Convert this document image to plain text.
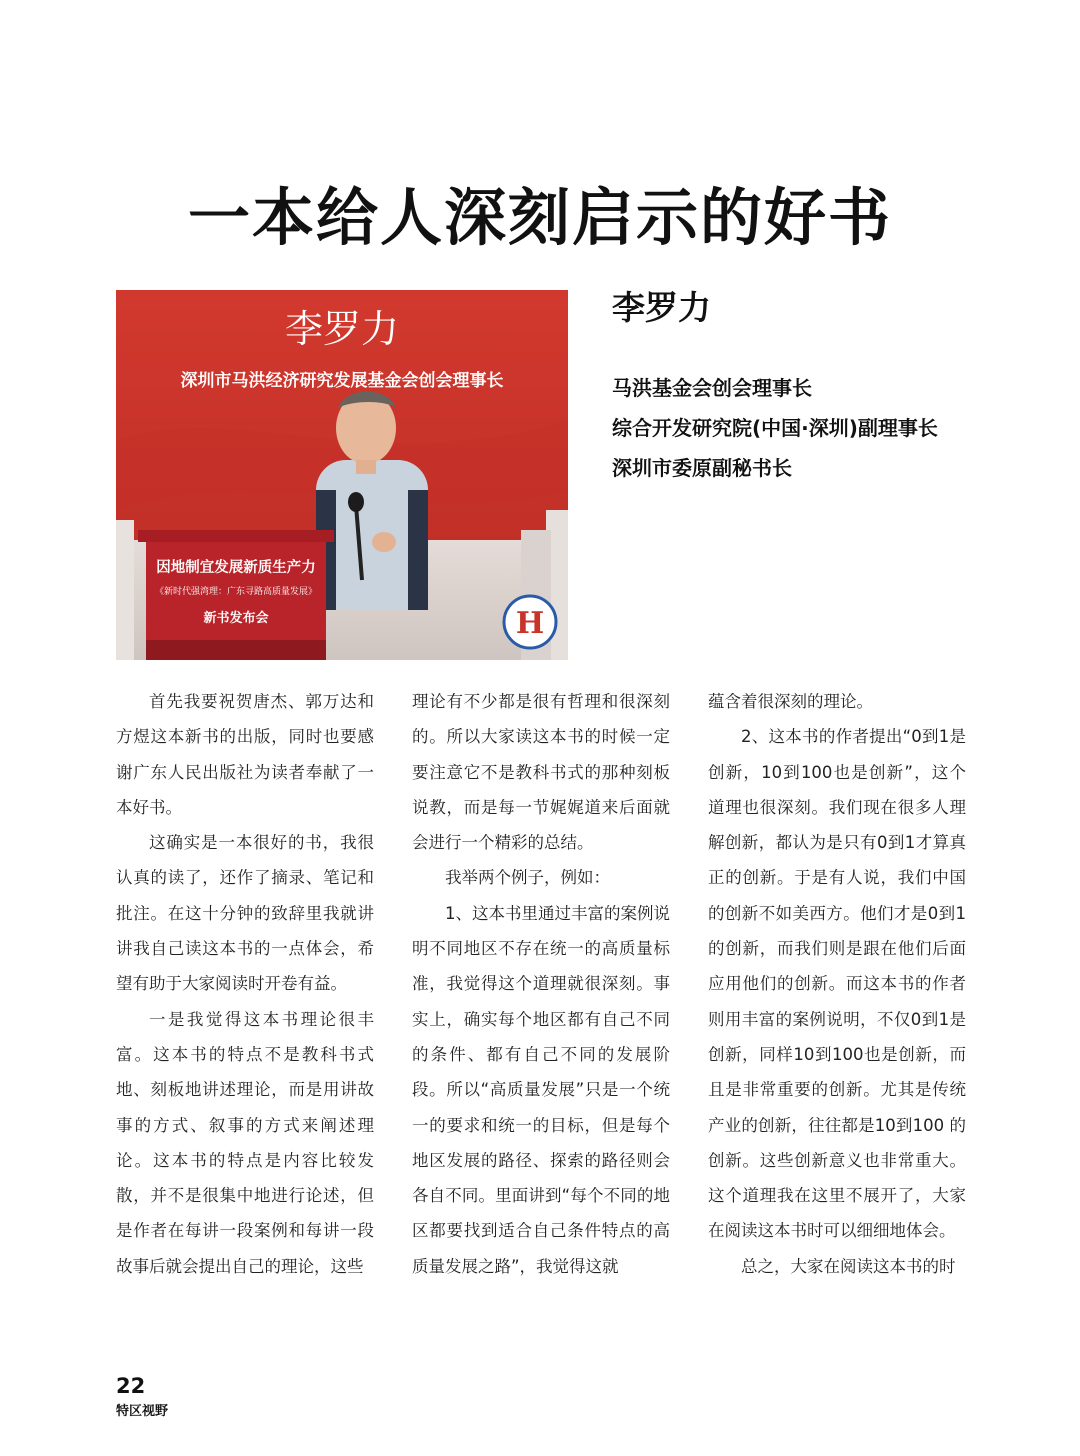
一本给人深刻启示的好书
李罗力
深圳市马洪经济研究发展基金会创会理事长
因地制宜发展新质生产力
《新时代强湾理：广东寻路高质量发展》
新书发布会	H
李罗力
马洪基金会创会理事长
综合开发研究院(中国·深圳)副理事长
深圳市委原副秘书长

首先我要祝贺唐杰、郭万达和方煜这本新书的出版，同时也要感谢广东人民出版社为读者奉献了一本好书。

这确实是一本很好的书，我很认真的读了，还作了摘录、笔记和批注。在这十分钟的致辞里我就讲讲我自己读这本书的一点体会，希望有助于大家阅读时开卷有益。

一是我觉得这本书理论很丰富。这本书的特点不是教科书式地、刻板地讲述理论，而是用讲故事的方式、叙事的方式来阐述理论。这本书的特点是内容比较发散，并不是很集中地进行论述，但是作者在每讲一段案例和每讲一段故事后就会提出自己的理论，这些

理论有不少都是很有哲理和很深刻的。所以大家读这本书的时候一定要注意它不是教科书式的那种刻板说教，而是每一节娓娓道来后面就会进行一个精彩的总结。

我举两个例子，例如：

1、这本书里通过丰富的案例说明不同地区不存在统一的高质量标准，我觉得这个道理就很深刻。事实上，确实每个地区都有自己不同的条件、都有自己不同的发展阶段。所以“高质量发展”只是一个统一的要求和统一的目标，但是每个地区发展的路径、探索的路径则会各自不同。里面讲到“每个不同的地区都要找到适合自己条件特点的高质量发展之路”，我觉得这就

蕴含着很深刻的理论。

2、这本书的作者提出“0到1是创新，10到100也是创新”，这个道理也很深刻。我们现在很多人理解创新，都认为是只有0到1才算真正的创新。于是有人说，我们中国的创新不如美西方。他们才是0到1的创新，而我们则是跟在他们后面应用他们的创新。而这本书的作者则用丰富的案例说明，不仅0到1是创新，同样10到100也是创新，而且是非常重要的创新。尤其是传统产业的创新，往往都是10到100 的创新。这些创新意义也非常重大。这个道理我在这里不展开了，大家在阅读这本书时可以细细地体会。

总之，大家在阅读这本书的时

22
特区视野
